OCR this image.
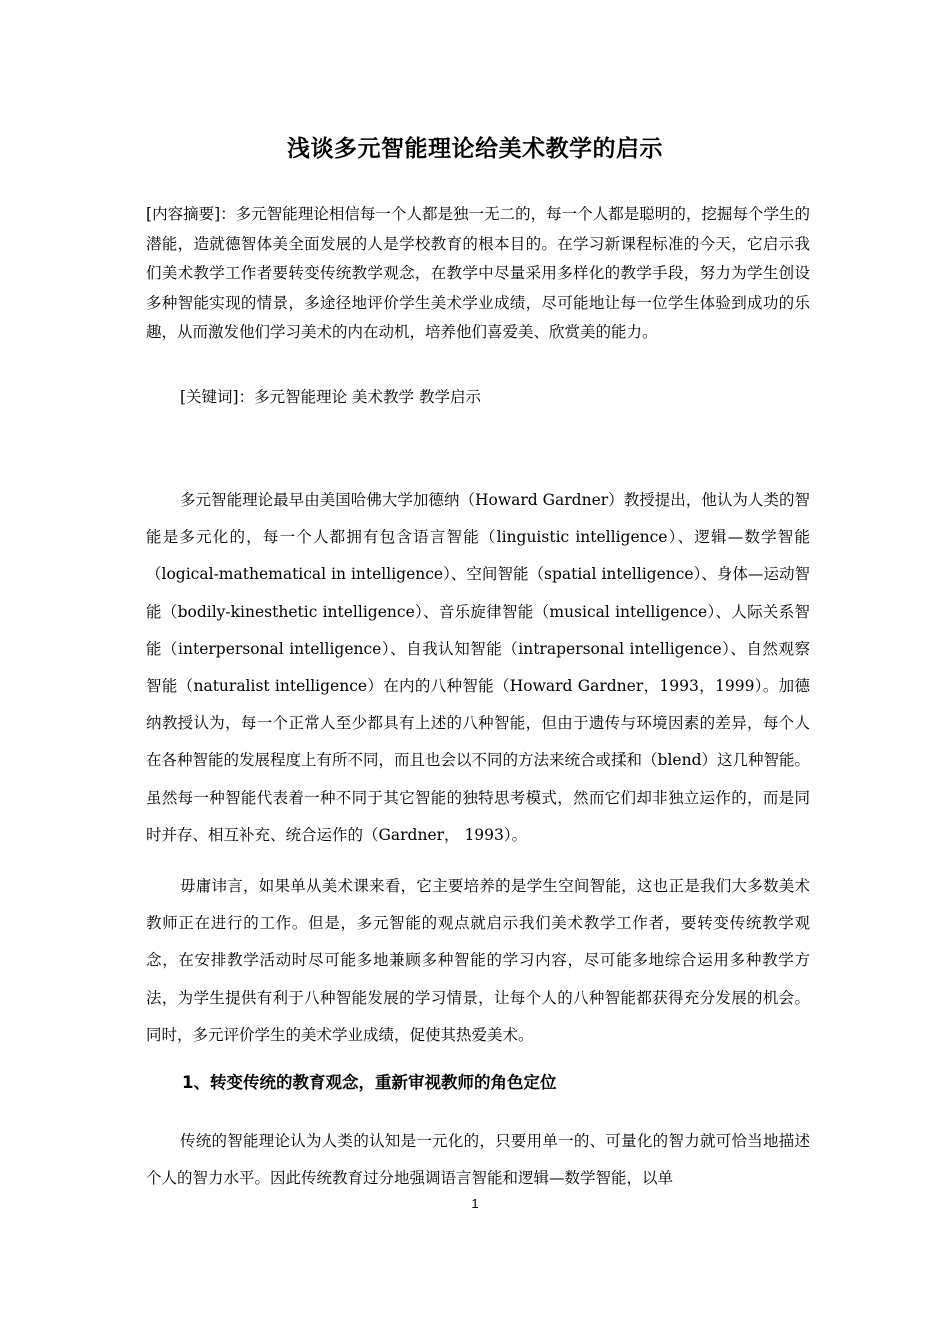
浅谈多元智能理论给美术教学的启示
[内容摘要]：多元智能理论相信每一个人都是独一无二的，每一个人都是聪明的，挖掘每个学生的潜能，造就德智体美全面发展的人是学校教育的根本目的。在学习新课程标准的今天，它启示我们美术教学工作者要转变传统教学观念，在教学中尽量采用多样化的教学手段，努力为学生创设多种智能实现的情景，多途径地评价学生美术学业成绩，尽可能地让每一位学生体验到成功的乐趣，从而激发他们学习美术的内在动机，培养他们喜爱美、欣赏美的能力。
[关键词]：多元智能理论 美术教学 教学启示

多元智能理论最早由美国哈佛大学加德纳（Howard Gardner）教授提出，他认为人类的智能是多元化的，每一个人都拥有包含语言智能（linguistic intelligence）、逻辑—数学智能（logical-mathematical in intelligence）、空间智能（spatial intelligence）、身体—运动智能（bodily-kinesthetic intelligence）、音乐旋律智能（musical intelligence）、人际关系智能（interpersonal intelligence）、自我认知智能（intrapersonal intelligence）、自然观察智能（naturalist intelligence）在内的八种智能（Howard Gardner，1993，1999）。加德纳教授认为，每一个正常人至少都具有上述的八种智能，但由于遗传与环境因素的差异，每个人在各种智能的发展程度上有所不同，而且也会以不同的方法来统合或揉和（blend）这几种智能。虽然每一种智能代表着一种不同于其它智能的独特思考模式，然而它们却非独立运作的，而是同时并存、相互补充、统合运作的（Gardner， 1993）。

毋庸讳言，如果单从美术课来看，它主要培养的是学生空间智能，这也正是我们大多数美术教师正在进行的工作。但是，多元智能的观点就启示我们美术教学工作者，要转变传统教学观念，在安排教学活动时尽可能多地兼顾多种智能的学习内容，尽可能多地综合运用多种教学方法，为学生提供有利于八种智能发展的学习情景，让每个人的八种智能都获得充分发展的机会。同时，多元评价学生的美术学业成绩，促使其热爱美术。

1、转变传统的教育观念，重新审视教师的角色定位

传统的智能理论认为人类的认知是一元化的，只要用单一的、可量化的智力就可恰当地描述个人的智力水平。因此传统教育过分地强调语言智能和逻辑—数学智能，以单

1
